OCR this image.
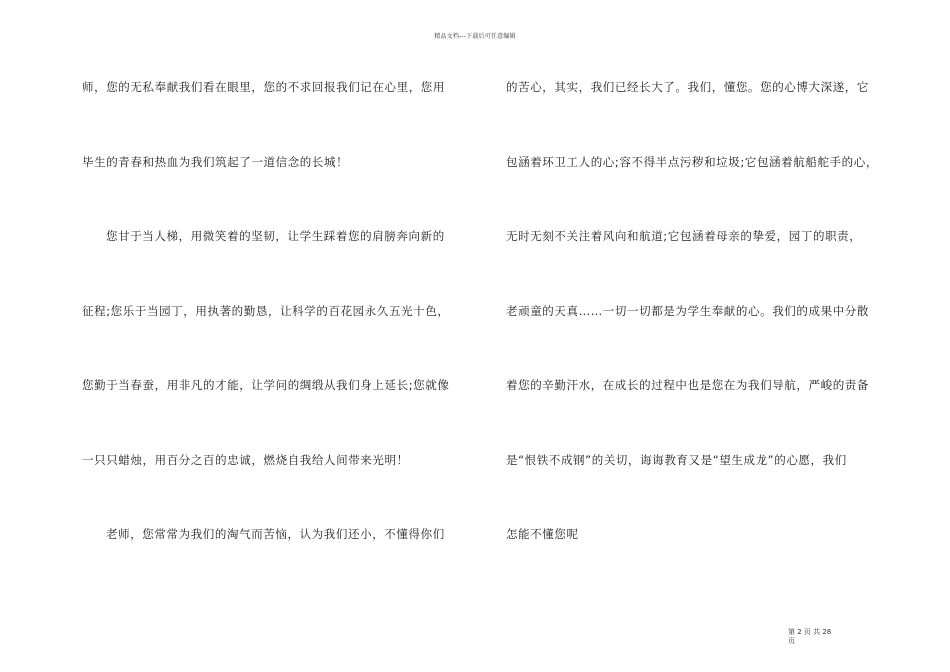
精品文档---下载后可任意编辑
师，您的无私奉献我们看在眼里，您的不求回报我们记在心里，您用
毕生的青春和热血为我们筑起了一道信念的长城！
您甘于当人梯，用微笑着的坚韧，让学生踩着您的肩膀奔向新的
征程;您乐于当园丁，用执著的勤恳，让科学的百花园永久五光十色，
您勤于当春蚕，用非凡的才能，让学问的绸缎从我们身上延长;您就像
一只只蜡烛，用百分之百的忠诚，燃烧自我给人间带来光明！
老师，您常常为我们的淘气而苦恼，认为我们还小，不懂得你们
的苦心，其实，我们已经长大了。我们，懂您。您的心博大深遂，它
包涵着环卫工人的心;容不得半点污秽和垃圾;它包涵着航船舵手的心，
无时无刻不关注着风向和航道;它包涵着母亲的挚爱，园丁的职责，
老顽童的天真……一切一切都是为学生奉献的心。我们的成果中分散
着您的辛勤汗水，在成长的过程中也是您在为我们导航，严峻的责备
是“恨铁不成钢”的关切，诲诲教育又是“望生成龙”的心愿，我们
怎能不懂您呢
第 2 页 共 28 页
